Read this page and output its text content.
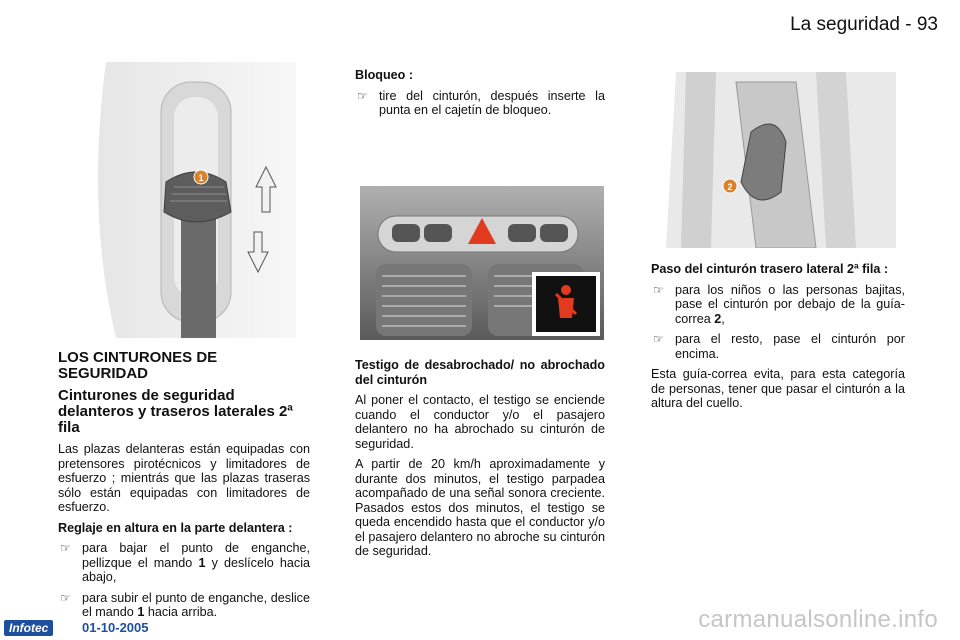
La seguridad - 93
1
LOS CINTURONES DE SEGURIDAD
Cinturones de seguridad delanteros y traseros laterales 2ª fila

Las plazas delanteras están equipadas con pretensores pirotécnicos y limitadores de esfuerzo ; mientrás que las plazas traseras sólo están equipadas con limitadores de esfuerzo.

Reglaje en altura en la parte delantera :

☞ para bajar el punto de enganche, pellizque el mando 1 y deslícelo hacia abajo,
☞ para subir el punto de enganche, deslice el mando 1 hacia arriba.

Bloqueo :

☞ tire del cinturón, después inserte la punta en el cajetín de bloqueo.

Testigo de desabrochado/ no abrochado del cinturón

Al poner el contacto, el testigo se enciende cuando el conductor y/o el pasajero delantero no ha abrochado su cinturón de seguridad.

A partir de 20 km/h aproximadamente y durante dos minutos, el testigo parpadea acompañado de una señal sonora creciente. Pasados estos dos minutos, el testigo se queda encendido hasta que el conductor y/o el pasajero delantero no abroche su cinturón de seguridad.

2

Paso del cinturón trasero lateral 2ª fila :

☞ para los niños o las personas bajitas, pase el cinturón por debajo de la guía-correa 2,
☞ para el resto, pase el cinturón por encima.

Esta guía-correa evita, para esta categoría de personas, tener que pasar el cinturón a la altura del cuello.

Infotec	01-10-2005	carmanualsonline.info
